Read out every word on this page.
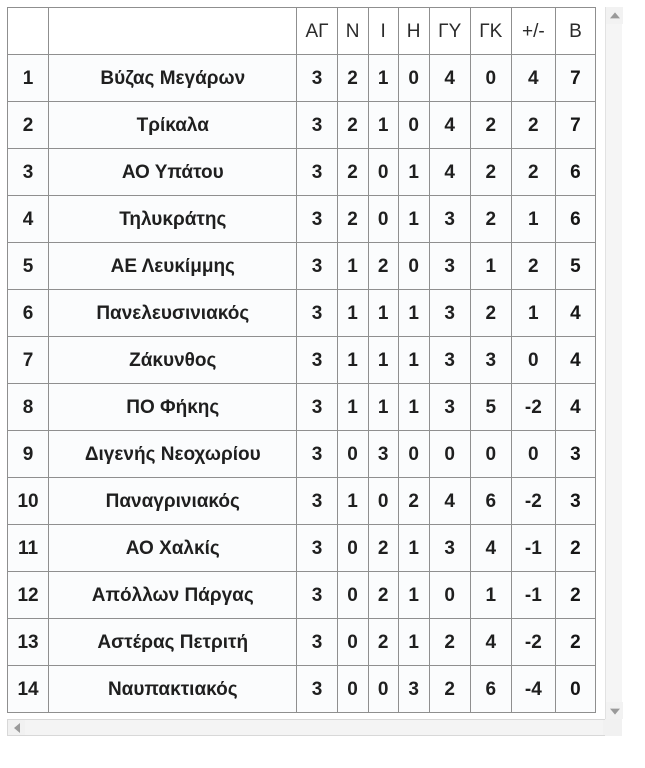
		ΑΓ	Ν	Ι	Η	ΓΥ	ΓΚ	+/-	Β
1	Βύζας Μεγάρων	3	2	1	0	4	0	4	7
2	Τρίκαλα	3	2	1	0	4	2	2	7
3	ΑΟ Υπάτου	3	2	0	1	4	2	2	6
4	Τηλυκράτης	3	2	0	1	3	2	1	6
5	ΑΕ Λευκίμμης	3	1	2	0	3	1	2	5
6	Πανελευσινιακός	3	1	1	1	3	2	1	4
7	Ζάκυνθος	3	1	1	1	3	3	0	4
8	ΠΟ Φήκης	3	1	1	1	3	5	-2	4
9	Διγενής Νεοχωρίου	3	0	3	0	0	0	0	3
10	Παναγρινιακός	3	1	0	2	4	6	-2	3
11	ΑΟ Χαλκίς	3	0	2	1	3	4	-1	2
12	Απόλλων Πάργας	3	0	2	1	0	1	-1	2
13	Αστέρας Πετριτή	3	0	2	1	2	4	-2	2
14	Ναυπακτιακός	3	0	0	3	2	6	-4	0
